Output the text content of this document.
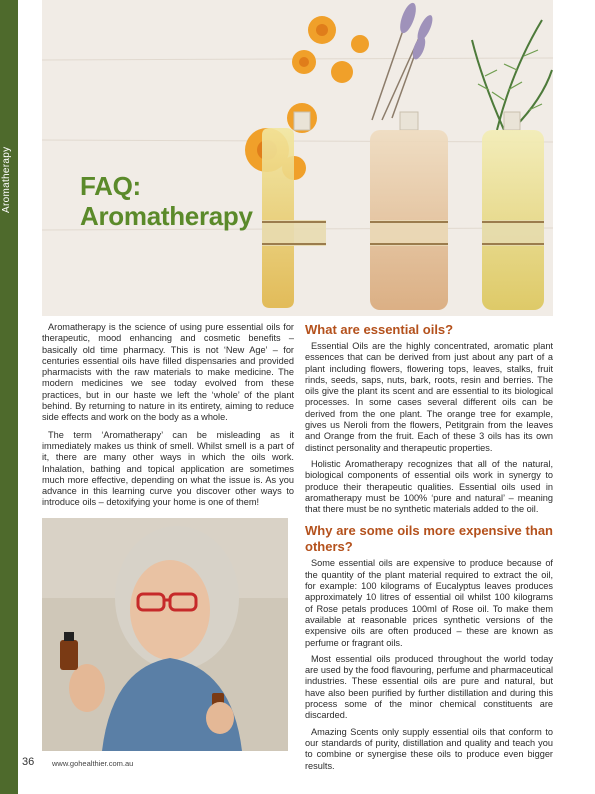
Aromatherapy	FAQ:
Aromatherapy

Aromatherapy is the science of using pure essential oils for therapeutic, mood enhancing and cosmetic benefits – basically old time pharmacy. This is not ‘New Age’ – for centuries essential oils have filled dispensaries and provided pharmacists with the raw materials to make medicine. The modern medicines we see today evolved from these practices, but in our haste we left the ‘whole’ of the plant behind. By returning to nature in its entirety, aiming to reduce side effects and work on the body as a whole.

The term ‘Aromatherapy’ can be misleading as it immediately makes us think of smell. Whilst smell is a part of it, there are many other ways in which the oils work. Inhalation, bathing and topical application are sometimes much more effective, depending on what the issue is. As you advance in this learning curve you discover other ways to introduce oils – detoxifying your home is one of them!

What are essential oils?

Essential Oils are the highly concentrated, aromatic plant essences that can be derived from just about any part of a plant including flowers, flowering tops, leaves, stalks, fruit rinds, seeds, saps, nuts, bark, roots, resin and berries. The oils give the plant its scent and are essential to its biological processes. In some cases several different oils can be derived from the one plant. The orange tree for example, gives us Neroli from the flowers, Petitgrain from the leaves and Orange from the fruit. Each of these 3 oils has its own distinct personality and therapeutic properties.

Holistic Aromatherapy recognizes that all of the natural, biological components of essential oils work in synergy to produce their therapeutic qualities. Essential oils used in aromatherapy must be 100% ‘pure and natural’ – meaning that there must be no synthetic materials added to the oil.

Why are some oils more expensive than others?

Some essential oils are expensive to produce because of the quantity of the plant material required to extract the oil, for example: 100 kilograms of Eucalyptus leaves produces approximately 10 litres of essential oil whilst 100 kilograms of Rose petals produces 100ml of Rose oil. To make them available at reasonable prices synthetic versions of the expensive oils are often produced – these are known as perfume or fragrant oils.

Most essential oils produced throughout the world today are used by the food flavouring, perfume and pharmaceutical industries. These essential oils are pure and natural, but have also been purified by further distillation and during this process some of the minor chemical constituents are discarded.

Amazing Scents only supply essential oils that conform to our standards of purity, distillation and quality and teach you to combine or synergise these oils to produce even bigger results.

36 www.gohealthier.com.au
